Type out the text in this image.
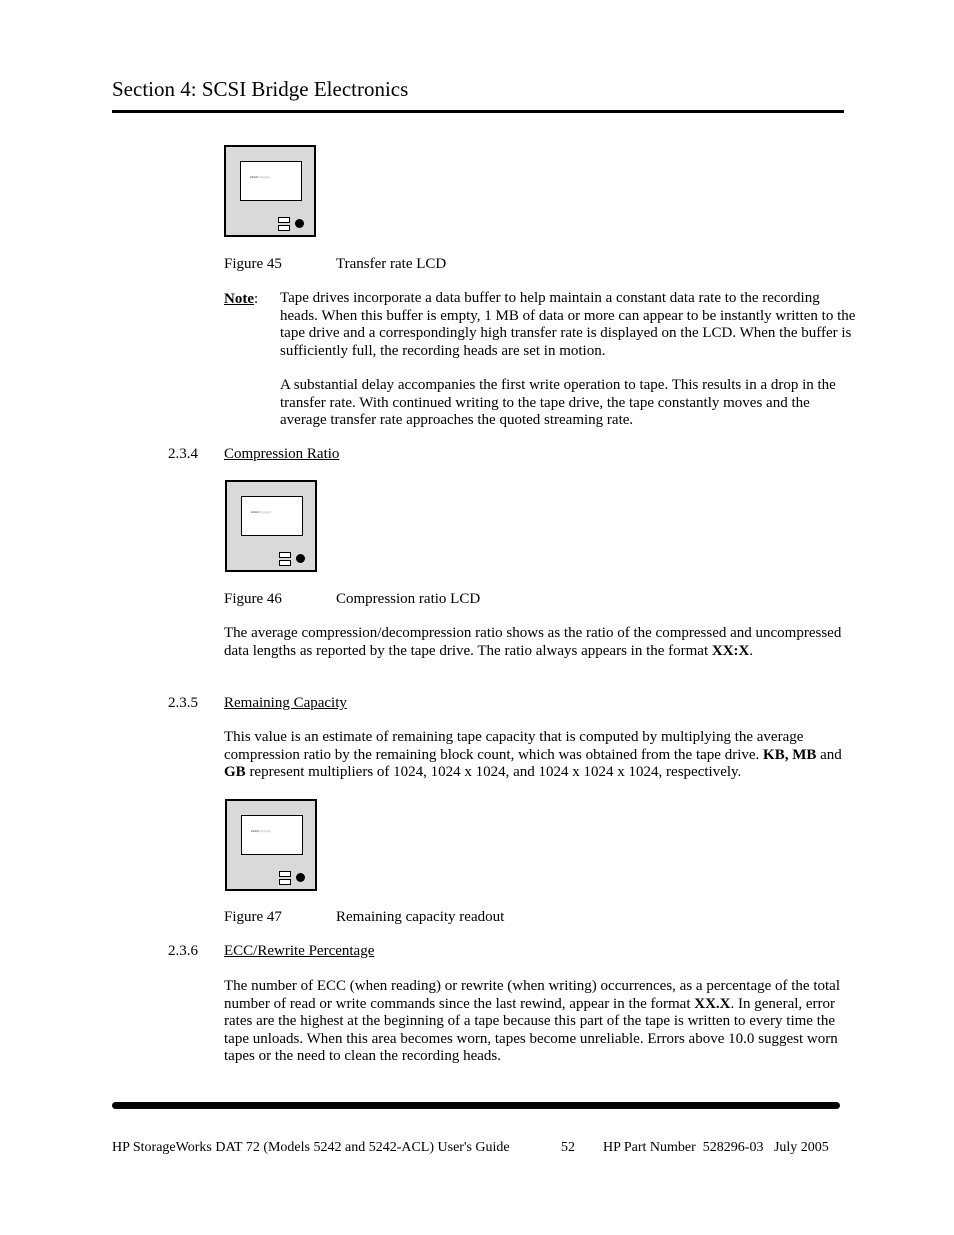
Section 4: SCSI Bridge Electronics
▮▮▮▮▯▯▯▯▯▯
Figure 45	Transfer rate LCD
Note: Tape drives incorporate a data buffer to help maintain a constant data rate to the recording heads. When this buffer is empty, 1 MB of data or more can appear to be instantly written to the tape drive and a correspondingly high transfer rate is displayed on the LCD. When the buffer is sufficiently full, the recording heads are set in motion.
A substantial delay accompanies the first write operation to tape. This results in a drop in the transfer rate. With continued writing to the tape drive, the tape constantly moves and the average transfer rate approaches the quoted streaming rate.
2.3.4 Compression Ratio
▮▮▮▮▯▯▯▯▯▯
Figure 46	Compression ratio LCD
The average compression/decompression ratio shows as the ratio of the compressed and uncompressed data lengths as reported by the tape drive. The ratio always appears in the format XX:X.
2.3.5 Remaining Capacity
This value is an estimate of remaining tape capacity that is computed by multiplying the average compression ratio by the remaining block count, which was obtained from the tape drive. KB, MB and GB represent multipliers of 1024, 1024 x 1024, and 1024 x 1024 x 1024, respectively.
▮▮▮▮▯▯▯▯▯▯
Figure 47	Remaining capacity readout
2.3.6 ECC/Rewrite Percentage
The number of ECC (when reading) or rewrite (when writing) occurrences, as a percentage of the total number of read or write commands since the last rewind, appear in the format XX.X. In general, error rates are the highest at the beginning of a tape because this part of the tape is written to every time the tape unloads. When this area becomes worn, tapes become unreliable. Errors above 10.0 suggest worn tapes or the need to clean the recording heads.
HP StorageWorks DAT 72 (Models 5242 and 5242-ACL) User's Guide	52 HP Part Number  528296-03   July 2005
